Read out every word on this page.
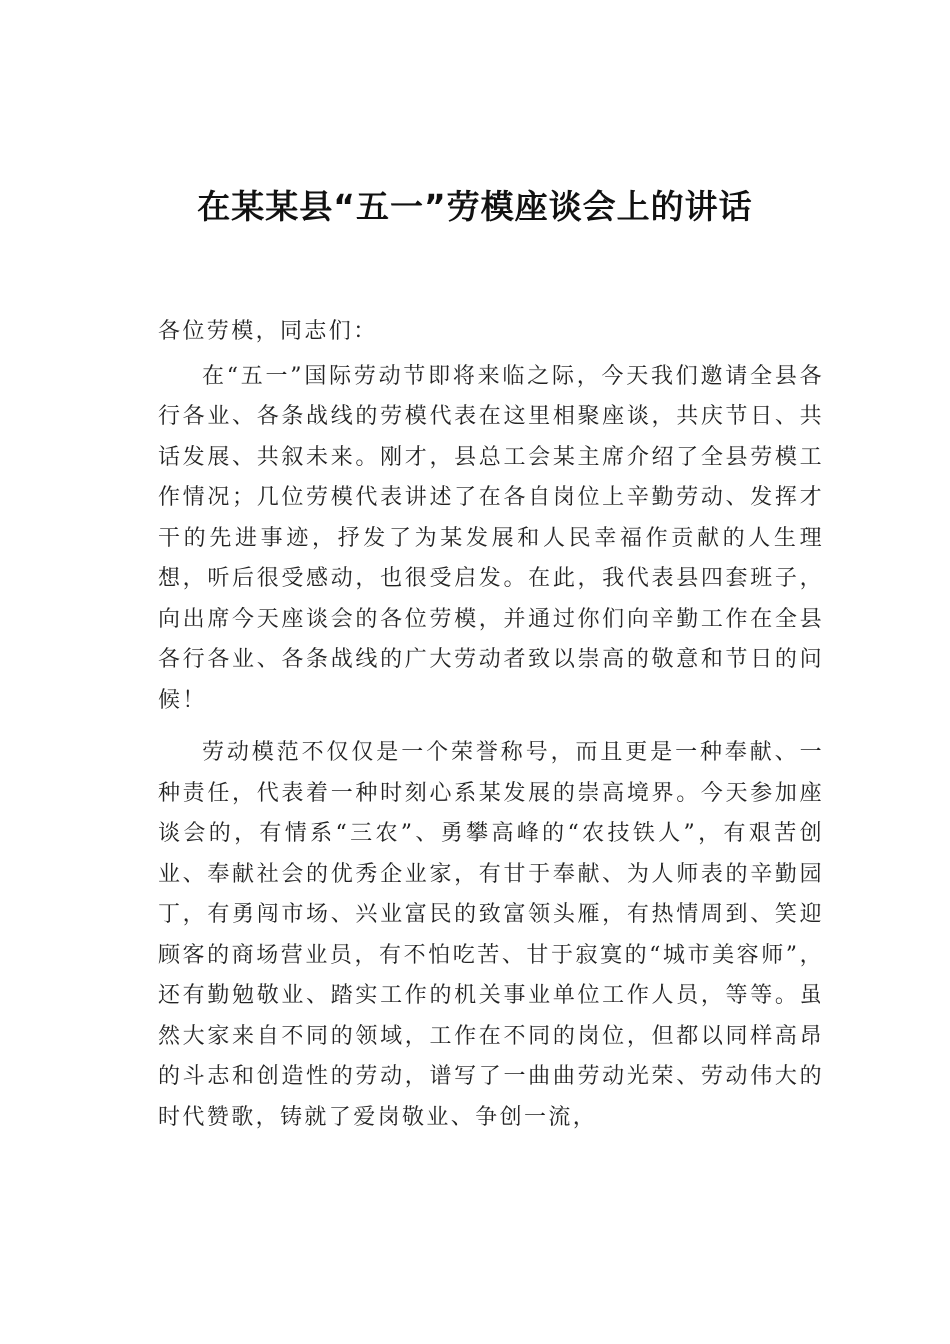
在某某县“五一”劳模座谈会上的讲话

各位劳模，同志们：

在“五一”国际劳动节即将来临之际，今天我们邀请全县各行各业、各条战线的劳模代表在这里相聚座谈，共庆节日、共话发展、共叙未来。刚才，县总工会某主席介绍了全县劳模工作情况；几位劳模代表讲述了在各自岗位上辛勤劳动、发挥才干的先进事迹，抒发了为某发展和人民幸福作贡献的人生理想，听后很受感动，也很受启发。在此，我代表县四套班子，向出席今天座谈会的各位劳模，并通过你们向辛勤工作在全县各行各业、各条战线的广大劳动者致以崇高的敬意和节日的问候！

劳动模范不仅仅是一个荣誉称号，而且更是一种奉献、一种责任，代表着一种时刻心系某发展的崇高境界。今天参加座谈会的，有情系“三农”、勇攀高峰的“农技铁人”，有艰苦创业、奉献社会的优秀企业家，有甘于奉献、为人师表的辛勤园丁，有勇闯市场、兴业富民的致富领头雁，有热情周到、笑迎顾客的商场营业员，有不怕吃苦、甘于寂寞的“城市美容师”，还有勤勉敬业、踏实工作的机关事业单位工作人员，等等。虽然大家来自不同的领域，工作在不同的岗位，但都以同样高昂的斗志和创造性的劳动，谱写了一曲曲劳动光荣、劳动伟大的时代赞歌，铸就了爱岗敬业、争创一流，
